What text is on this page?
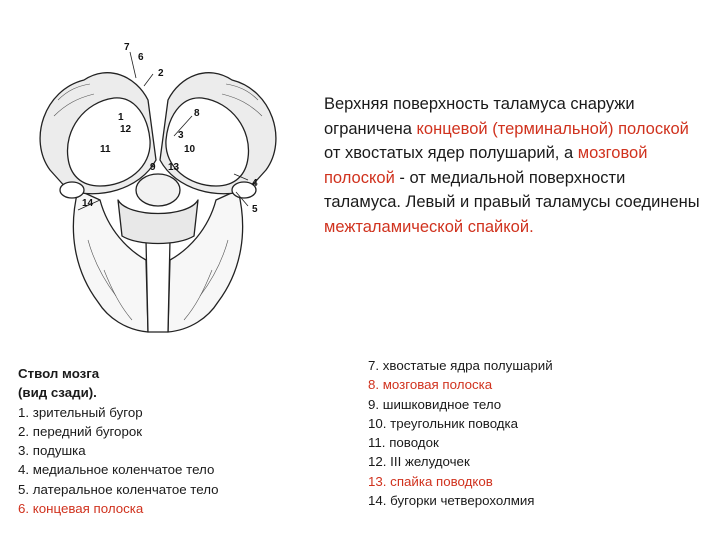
7
6
2
1
12
8
11	10
3
9 13
4
5
14

Верхняя поверхность таламуса снаружи ограничена концевой (терминальной) полоской от хвостатых ядер полушарий, а мозговой полоской - от медиальной поверхности таламуса. Левый и правый таламусы соединены межталамической спайкой.

Ствол мозга
(вид сзади).
1. зрительный бугор
2. передний бугорок
3. подушка
4. медиальное коленчатое тело
5. латеральное коленчатое тело
6. концевая полоска
7. хвостатые ядра полушарий
8. мозговая полоска
9. шишковидное тело
10. треугольник поводка
11. поводок
12. III желудочек
13. спайка поводков
14. бугорки четверохолмия
